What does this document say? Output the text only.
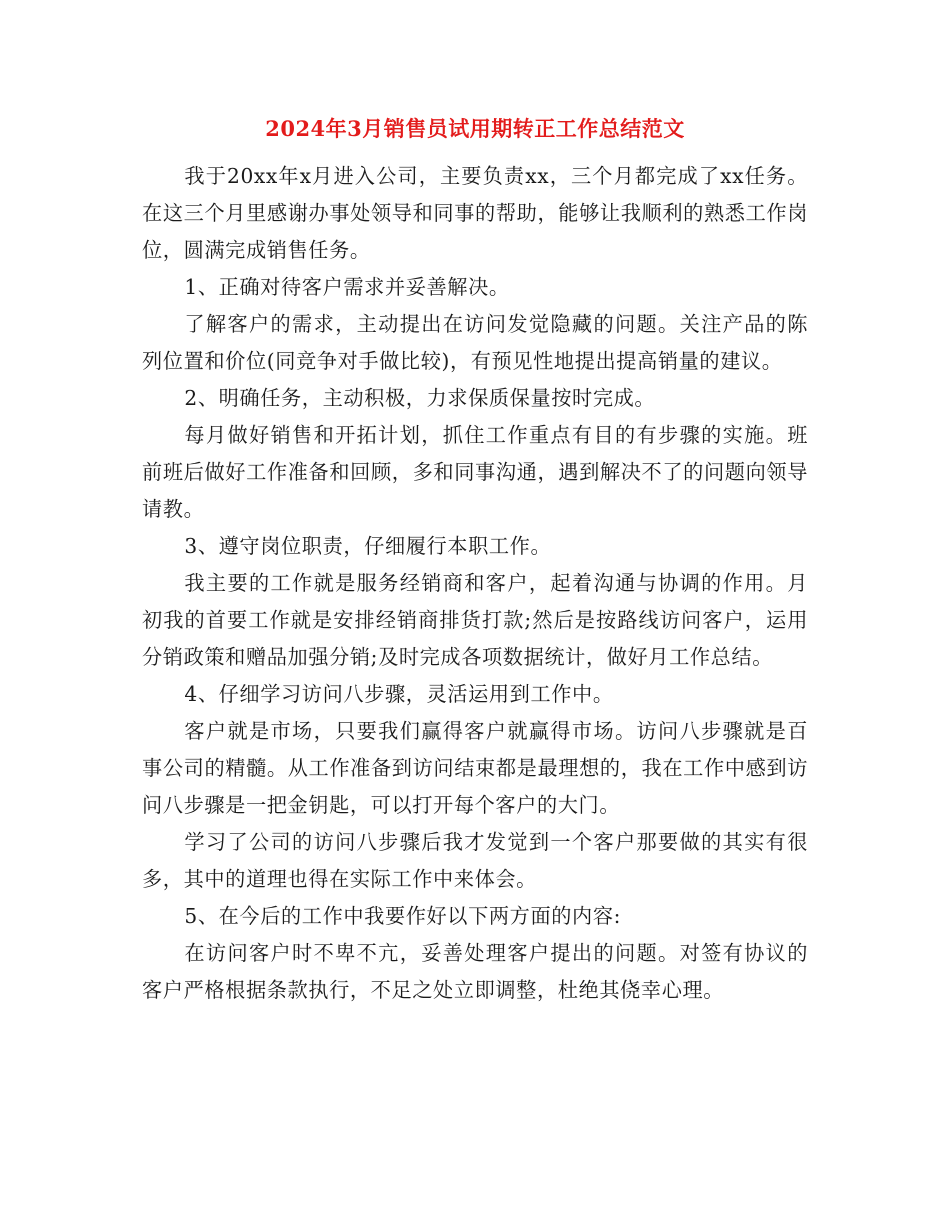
2024年3月销售员试用期转正工作总结范文

我于20xx年x月进入公司，主要负责xx，三个月都完成了xx任务。在这三个月里感谢办事处领导和同事的帮助，能够让我顺利的熟悉工作岗位，圆满完成销售任务。

1、正确对待客户需求并妥善解决。

了解客户的需求，主动提出在访问发觉隐藏的问题。关注产品的陈列位置和价位(同竞争对手做比较)，有预见性地提出提高销量的建议。

2、明确任务，主动积极，力求保质保量按时完成。

每月做好销售和开拓计划，抓住工作重点有目的有步骤的实施。班前班后做好工作准备和回顾，多和同事沟通，遇到解决不了的问题向领导请教。

3、遵守岗位职责，仔细履行本职工作。

我主要的工作就是服务经销商和客户，起着沟通与协调的作用。月初我的首要工作就是安排经销商排货打款;然后是按路线访问客户，运用分销政策和赠品加强分销;及时完成各项数据统计，做好月工作总结。

4、仔细学习访问八步骤，灵活运用到工作中。

客户就是市场，只要我们赢得客户就赢得市场。访问八步骤就是百事公司的精髓。从工作准备到访问结束都是最理想的，我在工作中感到访问八步骤是一把金钥匙，可以打开每个客户的大门。

学习了公司的访问八步骤后我才发觉到一个客户那要做的其实有很多，其中的道理也得在实际工作中来体会。

5、在今后的工作中我要作好以下两方面的内容:

在访问客户时不卑不亢，妥善处理客户提出的问题。对签有协议的客户严格根据条款执行，不足之处立即调整，杜绝其侥幸心理。
